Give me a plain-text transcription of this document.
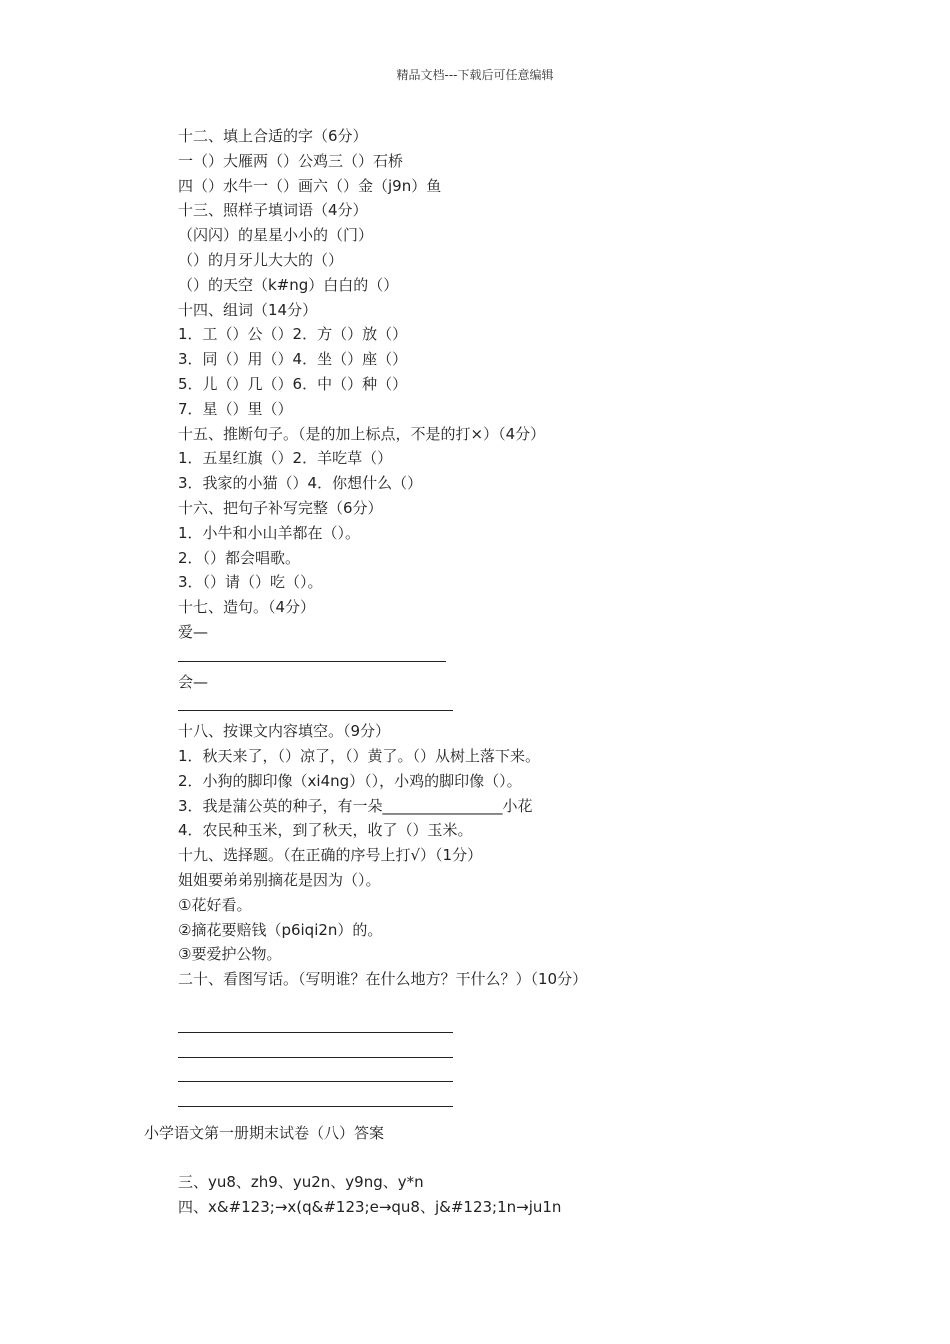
精品文档---下载后可任意编辑
十二、填上合适的字（6分）
一（）大雁两（）公鸡三（）石桥
四（）水牛一（）画六（）金（j9n）鱼
十三、照样子填词语（4分）
（闪闪）的星星小小的（门）
（）的月牙儿大大的（）
（）的天空（k#ng）白白的（）
十四、组词（14分）
1．工（）公（）2．方（）放（）
3．同（）用（）4．坐（）座（）
5．儿（）几（）6．中（）种（）
7．星（）里（）
十五、推断句子。（是的加上标点，不是的打×）（4分）
1．五星红旗（）2．羊吃草（）
3．我家的小猫（）4．你想什么（）
十六、把句子补写完整（6分）
1．小牛和小山羊都在（）。
2．（）都会唱歌。
3．（）请（）吃（）。
十七、造句。（4分）
爱—
会—
十八、按课文内容填空。（9分）
1．秋天来了，（）凉了，（）黄了。（）从树上落下来。
2．小狗的脚印像（xi4ng）（），小鸡的脚印像（）。
3．我是蒲公英的种子，有一朵________________小花
4．农民种玉米，到了秋天，收了（）玉米。
十九、选择题。（在正确的序号上打√）（1分）
姐姐要弟弟别摘花是因为（）。
①花好看。
②摘花要赔钱（p6iqi2n）的。
③要爱护公物。
二十、看图写话。（写明谁？在什么地方？干什么？）（10分）
小学语文第一册期末试卷（八）答案
三、yu8、zh9、yu2n、y9ng、y*n
四、x&#123;→x(q&#123;e→qu8、j&#123;1n→ju1n
